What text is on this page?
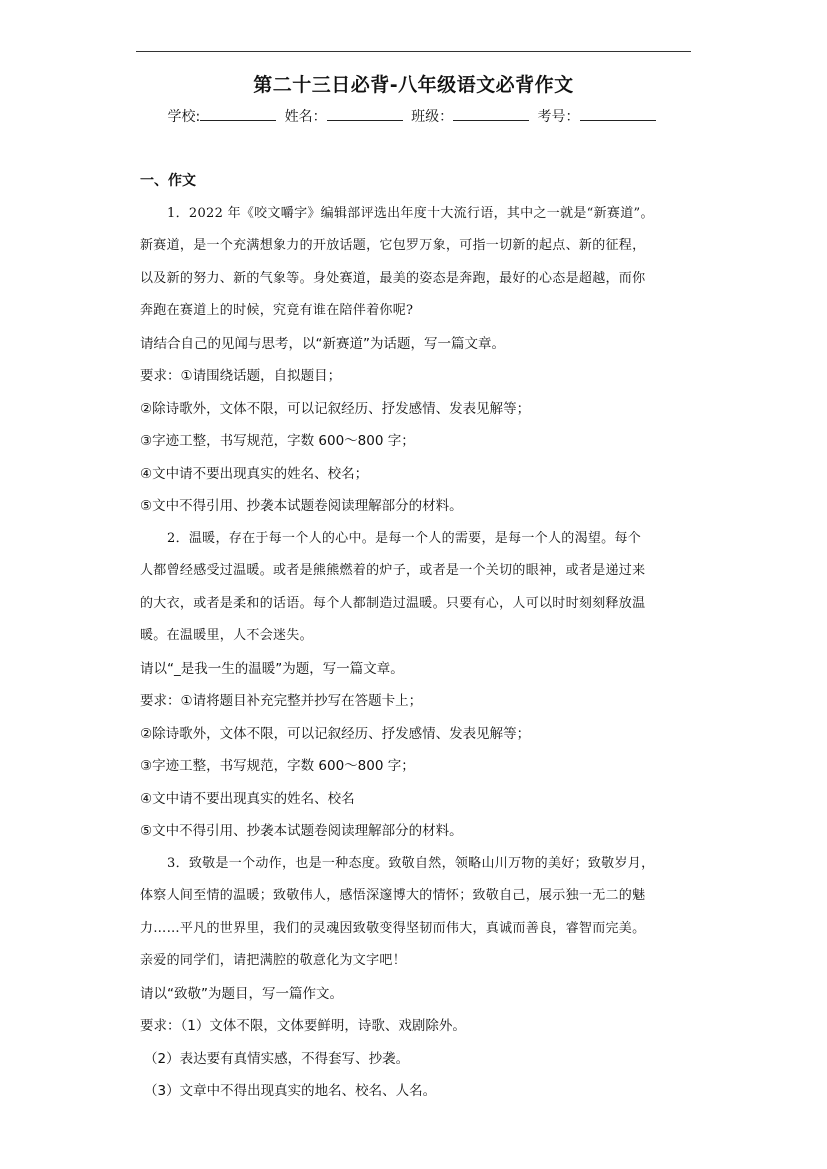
第二十三日必背-八年级语文必背作文
学校:	姓名：	班级：	考号：
一、作文
1．2022 年《咬文嚼字》编辑部评选出年度十大流行语，其中之一就是“新赛道”。
新赛道，是一个充满想象力的开放话题，它包罗万象，可指一切新的起点、新的征程，
以及新的努力、新的气象等。身处赛道，最美的姿态是奔跑，最好的心态是超越，而你
奔跑在赛道上的时候，究竟有谁在陪伴着你呢?
请结合自己的见闻与思考，以“新赛道”为话题，写一篇文章。
要求：①请围绕话题，自拟题目；
②除诗歌外，文体不限，可以记叙经历、抒发感情、发表见解等；
③字迹工整，书写规范，字数 600～800 字；
④文中请不要出现真实的姓名、校名；
⑤文中不得引用、抄袭本试题卷阅读理解部分的材料。
2．温暖，存在于每一个人的心中。是每一个人的需要，是每一个人的渴望。每个
人都曾经感受过温暖。或者是熊熊燃着的炉子，或者是一个关切的眼神，或者是递过来
的大衣，或者是柔和的话语。每个人都制造过温暖。只要有心，人可以时时刻刻释放温
暖。在温暖里，人不会迷失。
请以“_是我一生的温暖”为题，写一篇文章。
要求：①请将题目补充完整并抄写在答题卡上；
②除诗歌外，文体不限，可以记叙经历、抒发感情、发表见解等；
③字迹工整，书写规范，字数 600～800 字；
④文中请不要出现真实的姓名、校名
⑤文中不得引用、抄袭本试题卷阅读理解部分的材料。
3．致敬是一个动作，也是一种态度。致敬自然，领略山川万物的美好；致敬岁月，
体察人间至情的温暖；致敬伟人，感悟深邃博大的情怀；致敬自己，展示独一无二的魅
力……平凡的世界里，我们的灵魂因致敬变得坚韧而伟大，真诚而善良，睿智而完美。
亲爱的同学们，请把满腔的敬意化为文字吧！
请以“致敬”为题目，写一篇作文。
要求：（1）文体不限，文体要鲜明，诗歌、戏剧除外。
（2）表达要有真情实感，不得套写、抄袭。
（3）文章中不得出现真实的地名、校名、人名。
